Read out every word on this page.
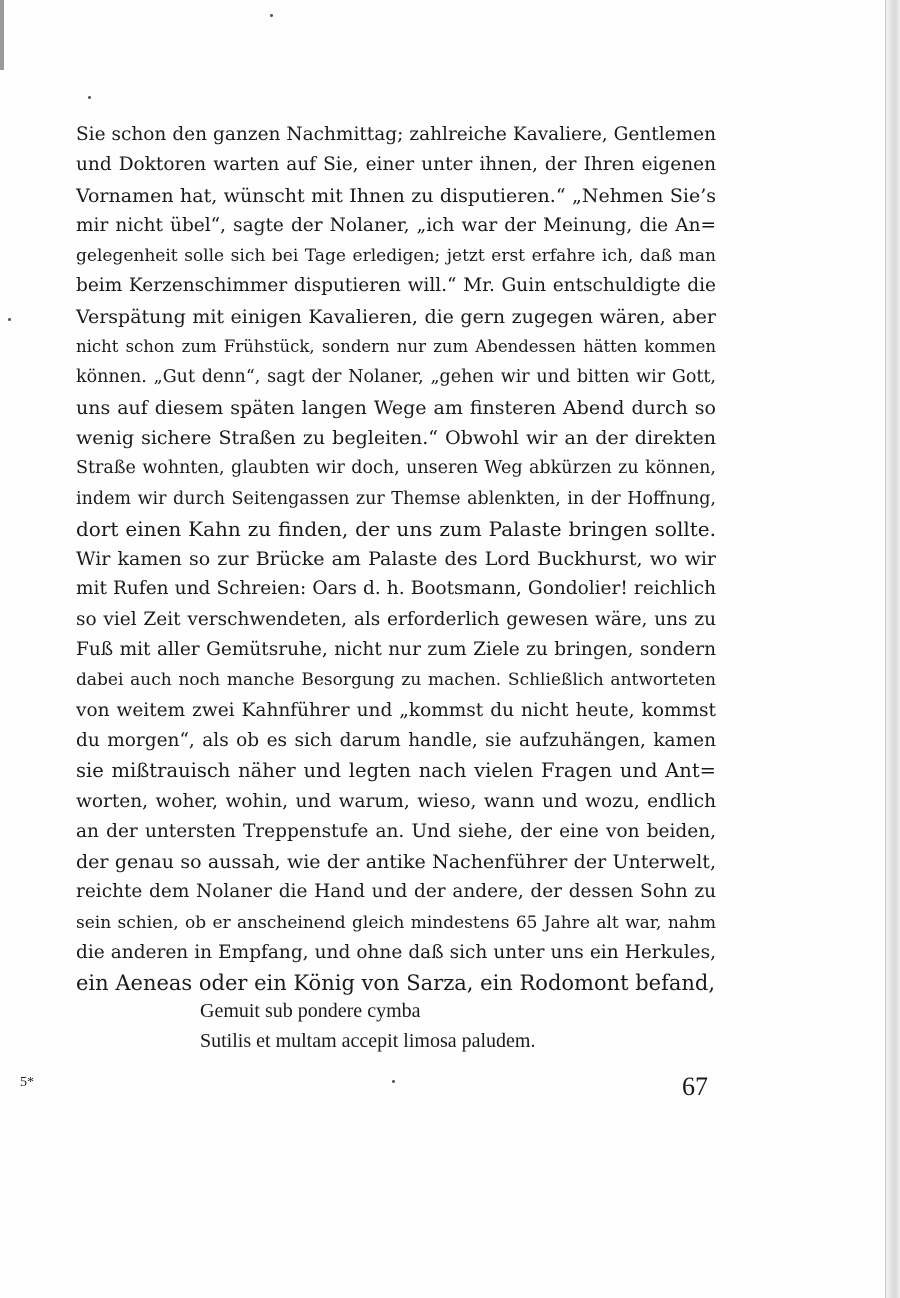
Sie schon den ganzen Nachmittag; zahlreiche Kavaliere, Gentlemen
und Doktoren warten auf Sie, einer unter ihnen, der Ihren eigenen
Vornamen hat, wünscht mit Ihnen zu disputieren.“ „Nehmen Sie’s
mir nicht übel“, sagte der Nolaner, „ich war der Meinung, die An=
gelegenheit solle sich bei Tage erledigen; jetzt erst erfahre ich, daß man
beim Kerzenschimmer disputieren will.“ Mr. Guin entschuldigte die
Verspätung mit einigen Kavalieren, die gern zugegen wären, aber
nicht schon zum Frühstück, sondern nur zum Abendessen hätten kommen
können. „Gut denn“, sagt der Nolaner, „gehen wir und bitten wir Gott,
uns auf diesem späten langen Wege am finsteren Abend durch so
wenig sichere Straßen zu begleiten.“ Obwohl wir an der direkten
Straße wohnten, glaubten wir doch, unseren Weg abkürzen zu können,
indem wir durch Seitengassen zur Themse ablenkten, in der Hoffnung,
dort einen Kahn zu finden, der uns zum Palaste bringen sollte.
Wir kamen so zur Brücke am Palaste des Lord Buckhurst, wo wir
mit Rufen und Schreien: Oars d. h. Bootsmann, Gondolier! reichlich
so viel Zeit verschwendeten, als erforderlich gewesen wäre, uns zu
Fuß mit aller Gemütsruhe, nicht nur zum Ziele zu bringen, sondern
dabei auch noch manche Besorgung zu machen. Schließlich antworteten
von weitem zwei Kahnführer und „kommst du nicht heute, kommst
du morgen“, als ob es sich darum handle, sie aufzuhängen, kamen
sie mißtrauisch näher und legten nach vielen Fragen und Ant=
worten, woher, wohin, und warum, wieso, wann und wozu, endlich
an der untersten Treppenstufe an. Und siehe, der eine von beiden,
der genau so aussah, wie der antike Nachenführer der Unterwelt,
reichte dem Nolaner die Hand und der andere, der dessen Sohn zu
sein schien, ob er anscheinend gleich mindestens 65 Jahre alt war, nahm
die anderen in Empfang, und ohne daß sich unter uns ein Herkules,
ein Aeneas oder ein König von Sarza, ein Rodomont befand,
Gemuit sub pondere cymba
Sutilis et multam accepit limosa paludem.
5*	67
